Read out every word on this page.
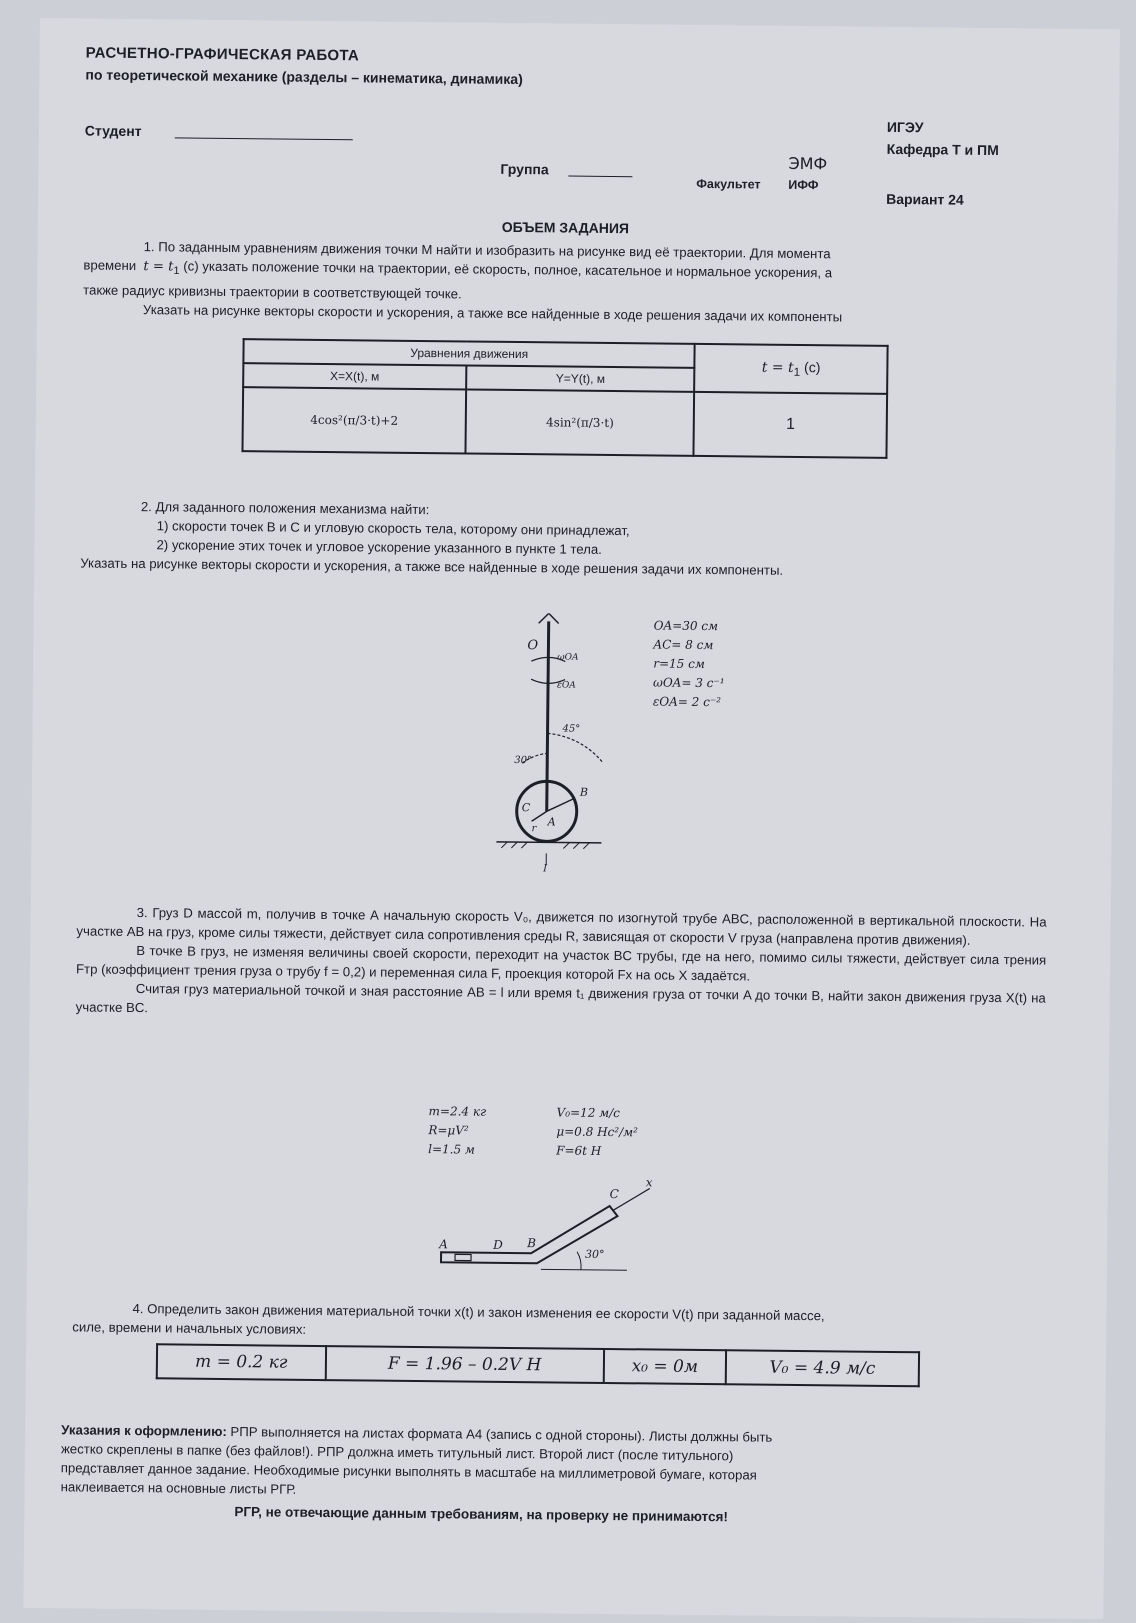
РАСЧЕТНО-ГРАФИЧЕСКАЯ РАБОТА
по теоретической механике (разделы – кинематика, динамика)
Студент
Группа	ЭМФ
Факультет ИФФ
ИГЭУ
Кафедра Т и ПМ
Вариант 24
ОБЪЕМ ЗАДАНИЯ
1. По заданным уравнениям движения точки М найти и изобразить на рисунке вид её траектории. Для момента
времени $t = t_1$ (с) указать положение точки на траектории, её скорость, полное, касательное и нормальное ускорения, а
также радиус кривизны траектории в соответствующей точке.
Указать на рисунке векторы скорости и ускорения, а также все найденные в ходе решения задачи их компоненты
Уравнения движения		$t = t_1$ (с)
X=X(t), м	Y=Y(t), м	
4cos²(π/3·t)+2	4sin²(π/3·t)	1
2. Для заданного положения механизма найти:
1) скорости точек В и С и угловую скорость тела, которому они принадлежат,
2) ускорение этих точек и угловое ускорение указанного в пункте 1 тела.
Указать на рисунке векторы скорости и ускорения, а также все найденные в ходе решения задачи их компоненты.
O
ωOA
εOA
45°
30°
B
C
A
r
I
OA=30 см
AC= 8 см
r=15 см
ωOA= 3 с⁻¹
εOA= 2 с⁻²
3. Груз D массой m, получив в точке А начальную скорость V₀, движется по изогнутой трубе ABC, расположенной в вертикальной плоскости. На участке AB на груз, кроме силы тяжести, действует сила сопротивления среды R, зависящая от скорости V груза (направлена против движения).
В точке B груз, не изменяя величины своей скорости, переходит на участок BC трубы, где на него, помимо силы тяжести, действует сила трения Fтр (коэффициент трения груза о трубу f = 0,2) и переменная сила F, проекция которой Fx на ось X задаётся.
Считая груз материальной точкой и зная расстояние AB = l или время t₁ движения груза от точки A до точки B, найти закон движения груза X(t) на участке BC.
m=2.4 кг
R=μV²
l=1.5 м
V₀=12 м/с
μ=0.8 Нс²/м²
F=6t Н
A	D B
C
x
30°
4. Определить закон движения материальной точки x(t) и закон изменения ее скорости V(t) при заданной массе,
силе, времени и начальных условиях:
m = 0.2 кг	F = 1.96 – 0.2V Н	x₀ = 0м	V₀ = 4.9 м/с
Указания к оформлению: РПР выполняется на листах формата А4 (запись с одной стороны). Листы должны быть
жестко скреплены в папке (без файлов!). РПР должна иметь титульный лист. Второй лист (после титульного)
представляет данное задание. Необходимые рисунки выполнять в масштабе на миллиметровой бумаге, которая
наклеивается на основные листы РГР.
РГР, не отвечающие данным требованиям, на проверку не принимаются!
